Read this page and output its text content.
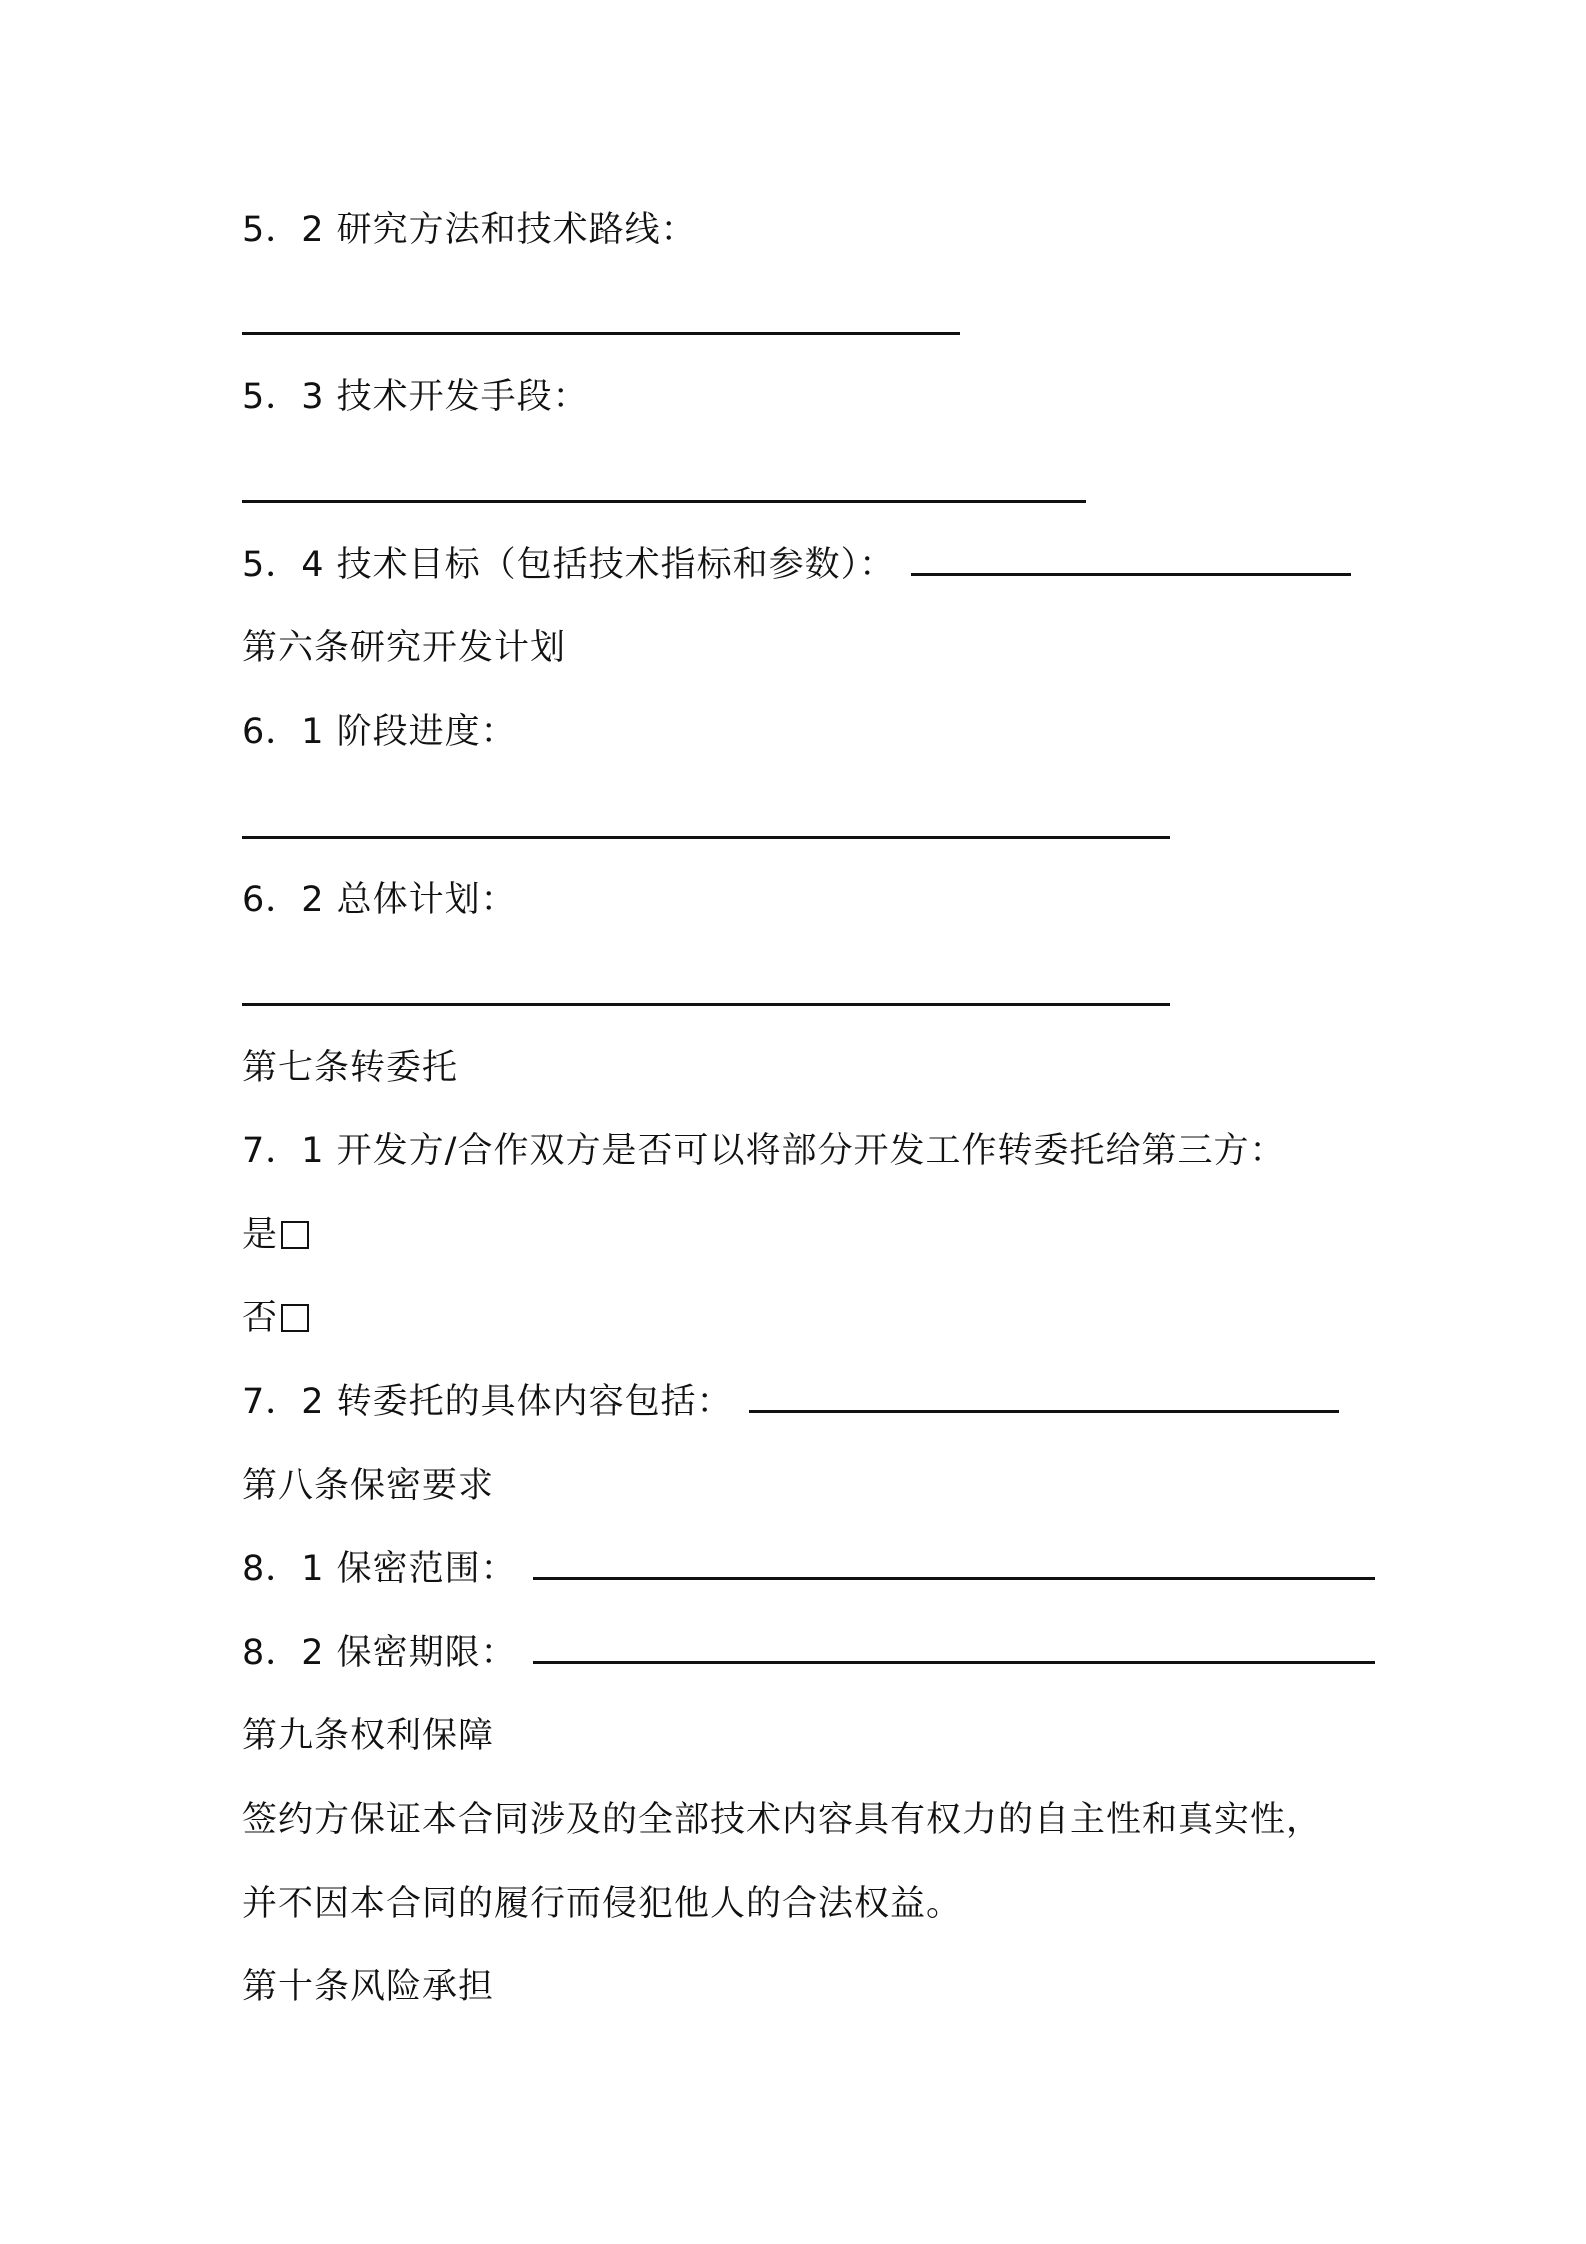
5．2 研究方法和技术路线：
5．3 技术开发手段：
5．4 技术目标（包括技术指标和参数）：
第六条研究开发计划
6．1 阶段进度：
6．2 总体计划：
第七条转委托
7．1 开发方/合作双方是否可以将部分开发工作转委托给第三方：
是
否
7．2 转委托的具体内容包括：
第八条保密要求
8．1 保密范围：
8．2 保密期限：
第九条权利保障
签约方保证本合同涉及的全部技术内容具有权力的自主性和真实性，
并不因本合同的履行而侵犯他人的合法权益。
第十条风险承担
